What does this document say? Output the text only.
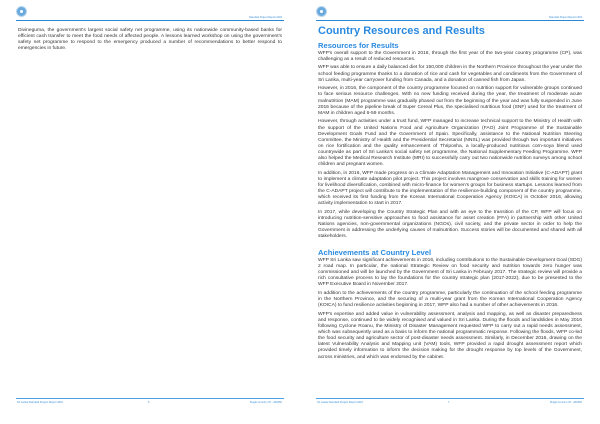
Standard Project Report 2016

Divineguma, the government's largest social safety net programme, using its nationwide community-based banks for efficient cash transfer to meet the food needs of affected people. A lessons learned workshop on using the government's safety net programme to respond to the emergency produced a number of recommendations to better respond to emergencies in future.

Sri Lanka Standard Project Report 2016	6	Single Country CP - 200452
Standard Project Report 2016
Country Resources and Results
Resources for Results

WFP's overall support to the Government in 2016, through the first year of the two-year country programme (CP), was challenging as a result of reduced resources.

WFP was able to ensure a daily balanced diet for 150,000 children in the Northern Province throughout the year under the school feeding programme thanks to a donation of rice and cash for vegetables and condiments from the Government of Sri Lanka, multi-year carryover funding from Canada, and a donation of canned fish from Japan.

However, in 2016, the component of the country programme focused on nutrition support for vulnerable groups continued to face serious resource challenges. With no new funding received during the year, the treatment of moderate acute malnutrition (MAM) programme was gradually phased out from the beginning of the year and was fully suspended in June 2016 because of the pipeline break of Super Cereal Plus, the specialised nutritious food (SNF) used for the treatment of MAM in children aged 6-59 months.

However, through activities under a trust fund, WFP managed to increase technical support to the Ministry of Health with the support of the United Nations Food and Agriculture Organization (FAO) Joint Programme of the Sustainable Development Goals Fund and the Government of Spain. Specifically, assistance to the National Nutrition Steering Committee, the Ministry of Health and the Presidential Secretariat (NNSL) was provided through two important initiatives on rice fortification and the quality enhancement of Thriposha, a locally-produced nutritious corn-soya blend used countrywide as part of Sri Lanka's social safety net programme, the National Supplementary Feeding Programme. WFP also helped the Medical Research Institute (MRI) to successfully carry out two nationwide nutrition surveys among school children and pregnant women.

In addition, in 2016, WFP made progress on a Climate Adaptation Management and Innovation Initiative (C-ADAPT) grant to implement a climate adaptation pilot project. This project involves mangrove conservation and skills training for women for livelihood diversification, combined with micro-finance for women's groups for business startups. Lessons learned from the C-ADAPT project will contribute to the implementation of the resilience-building component of the country programme, which received its first funding from the Korean International Cooperation Agency (KOICA) in October 2016, allowing activity implementation to start in 2017.

In 2017, while developing the Country Strategic Plan and with an eye to the transition of the CP, WFP will focus on introducing nutrition-sensitive approaches to food assistance for asset creation (FFA) in partnership with other United Nations agencies, non-governmental organizations (NGOs), civil society, and the private sector in order to help the Government in addressing the underlying causes of malnutrition. Success stories will be documented and shared with all stakeholders.

Achievements at Country Level

WFP Sri Lanka saw significant achievements in 2016, including contributions to the Sustainable Development Goal (SDG) 2 road map. In particular, the national Strategic Review on food security and nutrition towards zero hunger was commissioned and will be launched by the Government of Sri Lanka in February 2017. The strategic review will provide a rich consultative process to lay the foundations for the country strategic plan (2017-2022), due to be presented to the WFP Executive Board in November 2017.

In addition to the achievements of the country programme, particularly the continuation of the school feeding programme in the Northern Province, and the securing of a multi-year grant from the Korean International Cooperation Agency (KOICA) to fund resilience activities beginning in 2017, WFP also had a number of other achievements in 2016.

WFP's expertise and added value in vulnerability assessment, analysis and mapping, as well as disaster preparedness and response, continued to be widely recognised and valued in Sri Lanka. During the floods and landslides in May 2016 following Cyclone Roanu, the Ministry of Disaster Management requested WFP to carry out a rapid needs assessment, which was subsequently used as a basis to inform the national programmatic response. Following the floods, WFP co-led the food security and agriculture sector of post-disaster needs assessment. Similarly, in December 2016, drawing on the latest Vulnerability Analysis and Mapping unit (VAM) tools, WFP provided a rapid drought assessment report which provided timely information to inform the decision making for the drought response by top levels of the Government, across ministries, and which was endorsed by the cabinet.

Sri Lanka Standard Project Report 2016	7	Single Country CP - 200452
